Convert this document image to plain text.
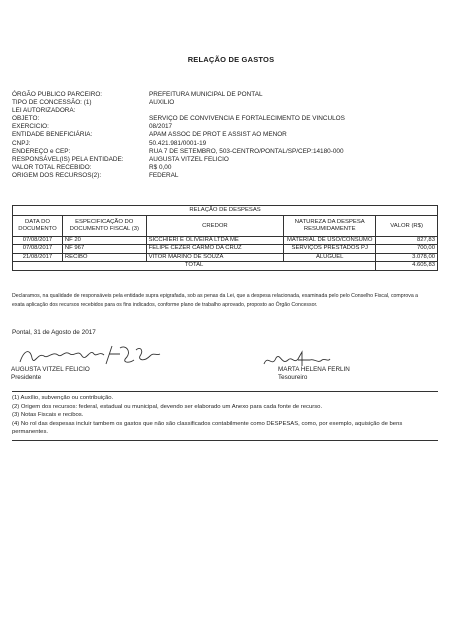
RELAÇÃO DE GASTOS
ÓRGÃO PUBLICO PARCEIRO:	PREFEITURA MUNICIPAL DE PONTAL
TIPO DE CONCESSÃO: (1)	AUXILIO
LEI AUTORIZADORA:
OBJETO:	SERVIÇO DE CONVIVENCIA E FORTALECIMENTO DE VINCULOS
EXERCICIO:	08/2017
ENTIDADE BENEFICIÁRIA:	APAM ASSOC DE PROT E ASSIST AO MENOR
CNPJ:	50.421.981/0001-19
ENDEREÇO e CEP:	RUA 7 DE SETEMBRO, 503-CENTRO/PONTAL/SP/CEP:14180-000
RESPONSÁVEL(IS) PELA ENTIDADE:	AUGUSTA VITZEL FELICIO
VALOR TOTAL RECEBIDO:	R$ 0,00
ORIGEM DOS RECURSOS(2):	FEDERAL
RELAÇÃO DE DESPESAS				
DATA DO DOCUMENTO	ESPECIFICAÇÃO DO DOCUMENTO FISCAL (3)	CREDOR	NATUREZA DA DESPESA RESUMIDAMENTE	VALOR (R$)
07/08/2017	NF 20	SICCHIERI E OLIVEIRA LTDA ME	MATERIAL DE USO/CONSUMO	827,83
07/08/2017	NF 967	FELIPE CEZER CARMO DA CRUZ	SERVIÇOS PRESTADOS PJ	700,00
21/08/2017	RECIBO	VITOR MARINO DE SOUZA	ALUGUEL	3.078,00
TOTAL				4.605,83
Declaramos, na qualidade de responsáveis pela entidade supra epigrafada, sob as penas da Lei, que a despesa relacionada, examinada pelo pelo Conselho Fiscal, comprova a exata aplicação dos recursos recebidos para os fins indicados, conforme plano de trabalho aprovado, proposto ao Órgão Concessor.
Pontal, 31 de Agosto de 2017
AUGUSTA VITZEL FELICIO
Presidente
MARTA HELENA FERLIN
Tesoureiro

(1) Auxílio, subvenção ou contribuição.

(2) Origem dos recursos: federal, estadual ou municipal, devendo ser elaborado um Anexo para cada fonte de recurso.

(3) Notas Fiscais e recibos.

(4) No rol das despesas incluir tambem os gastos que não são classificados contabilmente como DESPESAS, como, por exemplo, aquisição de bens permanentes.
